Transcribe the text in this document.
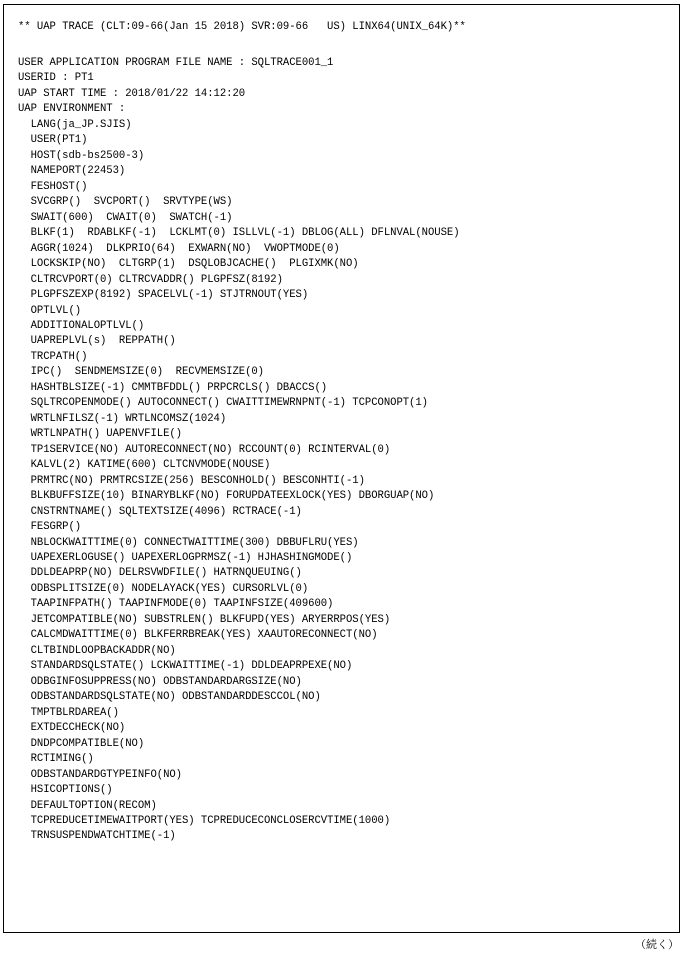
** UAP TRACE (CLT:09-66(Jan 15 2018) SVR:09-66   US) LINX64(UNIX_64K)**
USER APPLICATION PROGRAM FILE NAME : SQLTRACE001_1
USERID : PT1
UAP START TIME : 2018/01/22 14:12:20
UAP ENVIRONMENT :
LANG(ja_JP.SJIS)
USER(PT1)
HOST(sdb-bs2500-3)
NAMEPORT(22453)
FESHOST()
SVCGRP()  SVCPORT()  SRVTYPE(WS)
SWAIT(600)  CWAIT(0)  SWATCH(-1)
BLKF(1)  RDABLKF(-1)  LCKLMT(0) ISLLVL(-1) DBLOG(ALL) DFLNVAL(NOUSE)
AGGR(1024)  DLKPRIO(64)  EXWARN(NO)  VWOPTMODE(0)
LOCKSKIP(NO)  CLTGRP(1)  DSQLOBJCACHE()  PLGIXMK(NO)
CLTRCVPORT(0) CLTRCVADDR() PLGPFSZ(8192)
PLGPFSZEXP(8192) SPACELVL(-1) STJTRNOUT(YES)
OPTLVL()
ADDITIONALOPTLVL()
UAPREPLVL(s)  REPPATH()
TRCPATH()
IPC()  SENDMEMSIZE(0)  RECVMEMSIZE(0)
HASHTBLSIZE(-1) CMMTBFDDL() PRPCRCLS() DBACCS()
SQLTRCOPENMODE() AUTOCONNECT() CWAITTIMEWRNPNT(-1) TCPCONOPT(1)
WRTLNFILSZ(-1) WRTLNCOMSZ(1024)
WRTLNPATH() UAPENVFILE()
TP1SERVICE(NO) AUTORECONNECT(NO) RCCOUNT(0) RCINTERVAL(0)
KALVL(2) KATIME(600) CLTCNVMODE(NOUSE)
PRMTRC(NO) PRMTRCSIZE(256) BESCONHOLD() BESCONHTI(-1)
BLKBUFFSIZE(10) BINARYBLKF(NO) FORUPDATEEXLOCK(YES) DBORGUAP(NO)
CNSTRNTNAME() SQLTEXTSIZE(4096) RCTRACE(-1)
FESGRP()
NBLOCKWAITTIME(0) CONNECTWAITTIME(300) DBBUFLRU(YES)
UAPEXERLOGUSE() UAPEXERLOGPRMSZ(-1) HJHASHINGMODE()
DDLDEAPRP(NO) DELRSVWDFILE() HATRNQUEUING()
ODBSPLITSIZE(0) NODELAYACK(YES) CURSORLVL(0)
TAAPINFPATH() TAAPINFMODE(0) TAAPINFSIZE(409600)
JETCOMPATIBLE(NO) SUBSTRLEN() BLKFUPD(YES) ARYERRPOS(YES)
CALCMDWAITTIME(0) BLKFERRBREAK(YES) XAAUTORECONNECT(NO)
CLTBINDLOOPBACKADDR(NO)
STANDARDSQLSTATE() LCKWAITTIME(-1) DDLDEAPRPEXE(NO)
ODBGINFOSUPPRESS(NO) ODBSTANDARDARGSIZE(NO)
ODBSTANDARDSQLSTATE(NO) ODBSTANDARDDESCCOL(NO)
TMPTBLRDAREA()
EXTDECCHECK(NO)
DNDPCOMPATIBLE(NO)
RCTIMING()
ODBSTANDARDGTYPEINFO(NO)
HSICOPTIONS()
DEFAULTOPTION(RECOM)
TCPREDUCETIMEWAITPORT(YES) TCPREDUCECONCLOSERCVTIME(1000)
TRNSUSPENDWATCHTIME(-1)
（続く）
